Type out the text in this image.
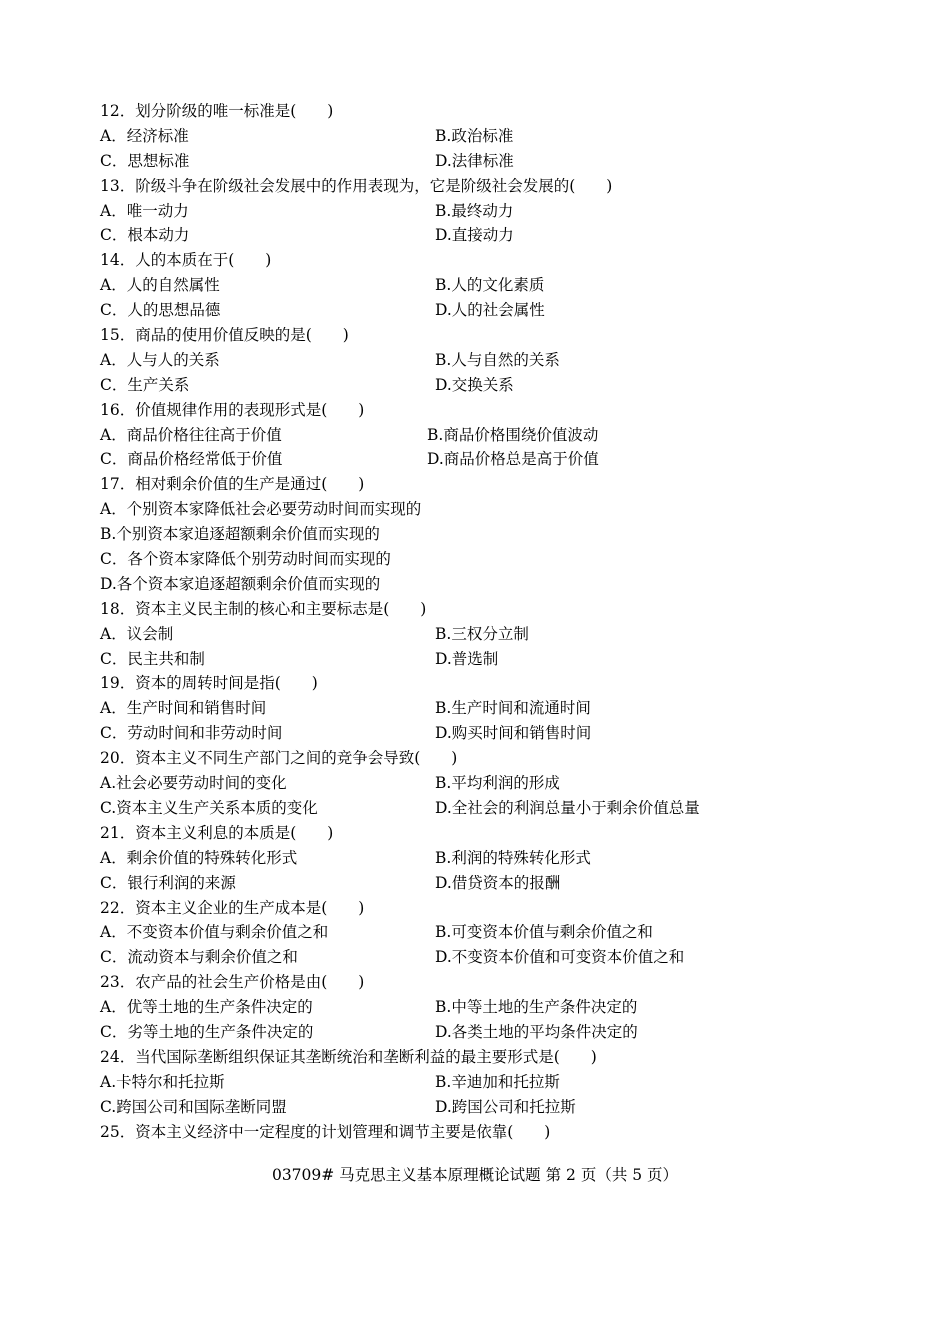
12．划分阶级的唯一标准是(　　)
A．经济标准	B.政治标准
C．思想标准	D.法律标准
13．阶级斗争在阶级社会发展中的作用表现为，它是阶级社会发展的(　　)
A．唯一动力	B.最终动力
C．根本动力	D.直接动力
14．人的本质在于(　　)
A．人的自然属性	B.人的文化素质
C．人的思想品德	D.人的社会属性
15．商品的使用价值反映的是(　　)
A．人与人的关系	B.人与自然的关系
C．生产关系	D.交换关系
16．价值规律作用的表现形式是(　　)
A．商品价格往往高于价值	B.商品价格围绕价值波动
C．商品价格经常低于价值	D.商品价格总是高于价值
17．相对剩余价值的生产是通过(　　)
A．个别资本家降低社会必要劳动时间而实现的
B.个别资本家追逐超额剩余价值而实现的
C．各个资本家降低个别劳动时间而实现的
D.各个资本家追逐超额剩余价值而实现的
18．资本主义民主制的核心和主要标志是(　　)
A．议会制	B.三权分立制
C．民主共和制	D.普选制
19．资本的周转时间是指(　　)
A．生产时间和销售时间	B.生产时间和流通时间
C．劳动时间和非劳动时间	D.购买时间和销售时间
20．资本主义不同生产部门之间的竞争会导致(　　)
A.社会必要劳动时间的变化	B.平均利润的形成
C.资本主义生产关系本质的变化	D.全社会的利润总量小于剩余价值总量
21．资本主义利息的本质是(　　)
A．剩余价值的特殊转化形式	B.利润的特殊转化形式
C．银行利润的来源	D.借贷资本的报酬
22．资本主义企业的生产成本是(　　)
A．不变资本价值与剩余价值之和	B.可变资本价值与剩余价值之和
C．流动资本与剩余价值之和	D.不变资本价值和可变资本价值之和
23．农产品的社会生产价格是由(　　)
A．优等土地的生产条件决定的	B.中等土地的生产条件决定的
C．劣等土地的生产条件决定的	D.各类土地的平均条件决定的
24．当代国际垄断组织保证其垄断统治和垄断利益的最主要形式是(　　)
A.卡特尔和托拉斯	B.辛迪加和托拉斯
C.跨国公司和国际垄断同盟	D.跨国公司和托拉斯
25．资本主义经济中一定程度的计划管理和调节主要是依靠(　　)
03709# 马克思主义基本原理概论试题 第 2 页（共 5 页）
